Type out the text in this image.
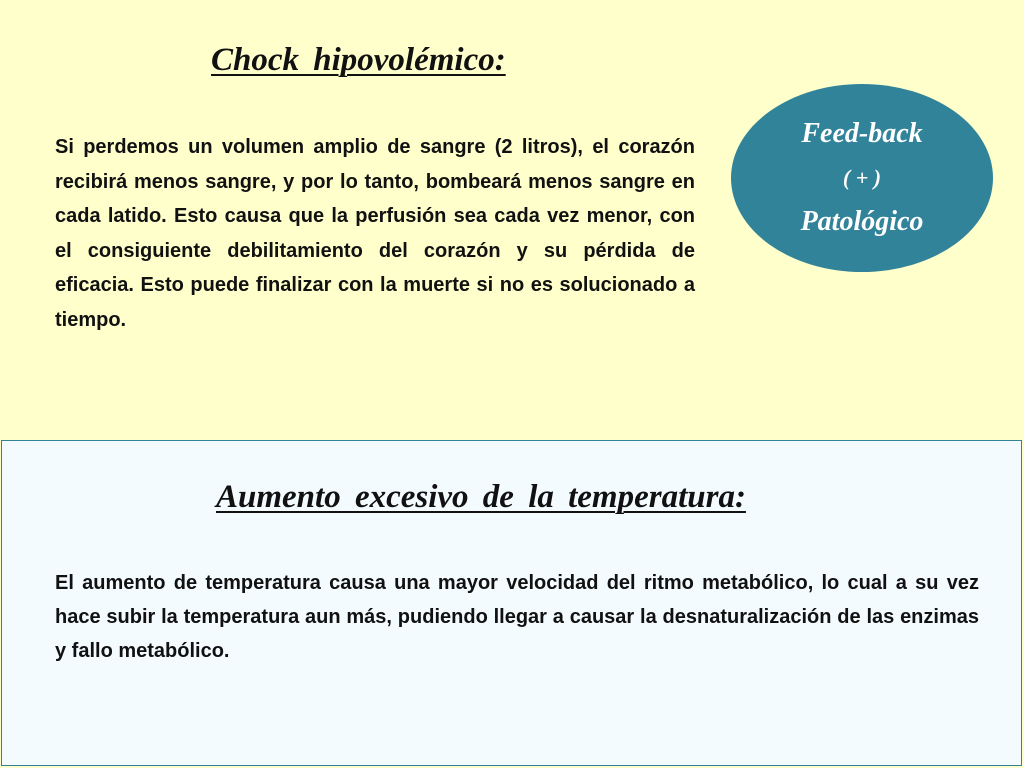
Chock hipovolémico:

Si perdemos un volumen amplio de sangre (2 litros), el corazón recibirá menos sangre, y por lo tanto, bombeará menos sangre en cada latido. Esto causa que la perfusión sea cada vez menor, con el consiguiente debilitamiento del corazón y su pérdida de eficacia. Esto puede finalizar con la muerte si no es solucionado a tiempo.

Feed-back
( + )
Patológico
Aumento excesivo de la temperatura:

El aumento de temperatura causa una mayor velocidad del ritmo metabólico, lo cual a su vez hace subir la temperatura aun más, pudiendo llegar a causar la desnaturalización de las enzimas y fallo metabólico.
